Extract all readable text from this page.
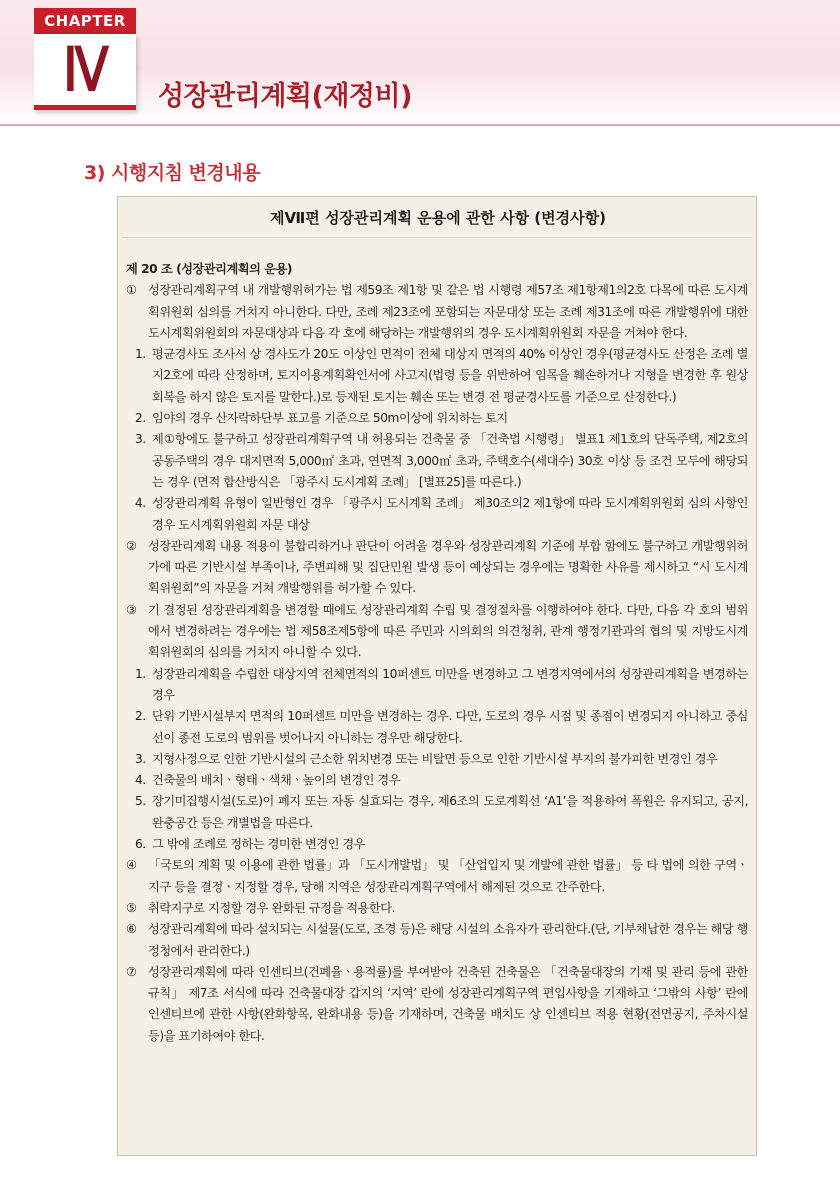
CHAPTER
Ⅳ	성장관리계획(재정비)
3) 시행지침 변경내용
제Ⅶ편 성장관리계획 운용에 관한 사항 (변경사항)

제 20 조 (성장관리계획의 운용)

① 성장관리계획구역 내 개발행위허가는 법 제59조 제1항 및 같은 법 시행령 제57조 제1항제1의2호 다목에 따른 도시계획위원회 심의를 거치지 아니한다. 다만, 조례 제23조에 포함되는 자문대상 또는 조례 제31조에 따른 개발행위에 대한 도시계획위원회의 자문대상과 다음 각 호에 해당하는 개발행위의 경우 도시계획위원회 자문을 거쳐야 한다.

1. 평균경사도 조사서 상 경사도가 20도 이상인 면적이 전체 대상지 면적의 40% 이상인 경우(평균경사도 산정은 조례 별지2호에 따라 산정하며, 토지이용계획확인서에 사고지(법령 등을 위반하여 임목을 훼손하거나 지형을 변경한 후 원상회복을 하지 않은 토지를 말한다.)로 등재된 토지는 훼손 또는 변경 전 평균경사도를 기준으로 산정한다.)

2. 임야의 경우 산자락하단부 표고를 기준으로 50m이상에 위치하는 토지

3. 제①항에도 불구하고 성장관리계획구역 내 허용되는 건축물 중 「건축법 시행령」 별표1 제1호의 단독주택, 제2호의 공동주택의 경우 대지면적 5,000㎡ 초과, 연면적 3,000㎡ 초과, 주택호수(세대수) 30호 이상 등 조건 모두에 해당되는 경우 (면적 합산방식은 「광주시 도시계획 조례」 [별표25]를 따른다.)

4. 성장관리계획 유형이 일반형인 경우 「광주시 도시계획 조례」 제30조의2 제1항에 따라 도시계획위원회 심의 사항인 경우 도시계획위원회 자문 대상

② 성장관리계획 내용 적용이 불합리하거나 판단이 어려울 경우와 성장관리계획 기준에 부합 함에도 불구하고 개발행위허가에 따른 기반시설 부족이나, 주변피해 및 집단민원 발생 등이 예상되는 경우에는 명확한 사유를 제시하고 “시 도시계획위원회”의 자문을 거쳐 개발행위를 허가할 수 있다.

③ 기 결정된 성장관리계획을 변경할 때에도 성장관리계획 수립 및 결정절차를 이행하여야 한다. 다만, 다음 각 호의 범위에서 변경하려는 경우에는 법 제58조제5항에 따른 주민과 시의회의 의견청취, 관계 행정기관과의 협의 및 지방도시계획위원회의 심의를 거치지 아니할 수 있다.

1. 성장관리계획을 수립한 대상지역 전체면적의 10퍼센트 미만을 변경하고 그 변경지역에서의 성장관리계획을 변경하는 경우

2. 단위 기반시설부지 면적의 10퍼센트 미만을 변경하는 경우. 다만, 도로의 경우 시점 및 종점이 변경되지 아니하고 중심선이 종전 도로의 범위를 벗어나지 아니하는 경우만 해당한다.

3. 지형사정으로 인한 기반시설의 근소한 위치변경 또는 비탈면 등으로 인한 기반시설 부지의 불가피한 변경인 경우

4. 건축물의 배치ㆍ형태ㆍ색채ㆍ높이의 변경인 경우

5. 장기미집행시설(도로)이 폐지 또는 자동 실효되는 경우, 제6조의 도로계획선 ‘A1’을 적용하여 폭원은 유지되고, 공지, 완충공간 등은 개별법을 따른다.

6. 그 밖에 조례로 정하는 경미한 변경인 경우

④ 「국토의 계획 및 이용에 관한 법률」과 「도시개발법」 및 「산업입지 및 개발에 관한 법률」 등 타 법에 의한 구역ㆍ지구 등을 결정ㆍ지정할 경우, 당해 지역은 성장관리계획구역에서 해제된 것으로 간주한다.

⑤ 취락지구로 지정할 경우 완화된 규정을 적용한다.

⑥ 성장관리계획에 따라 설치되는 시설물(도로, 조경 등)은 해당 시설의 소유자가 관리한다.(단, 기부채납한 경우는 해당 행정청에서 관리한다.)

⑦ 성장관리계획에 따라 인센티브(건폐율ㆍ용적률)를 부여받아 건축된 건축물은 「건축물대장의 기재 및 관리 등에 관한 규칙」 제7조 서식에 따라 건축물대장 갑지의 ‘지역’ 란에 성장관리계획구역 편입사항을 기재하고 ‘그밖의 사항’ 란에 인센티브에 관한 사항(완화항목, 완화내용 등)을 기재하며, 건축물 배치도 상 인센티브 적용 현황(전면공지, 주차시설 등)을 표기하여야 한다.
